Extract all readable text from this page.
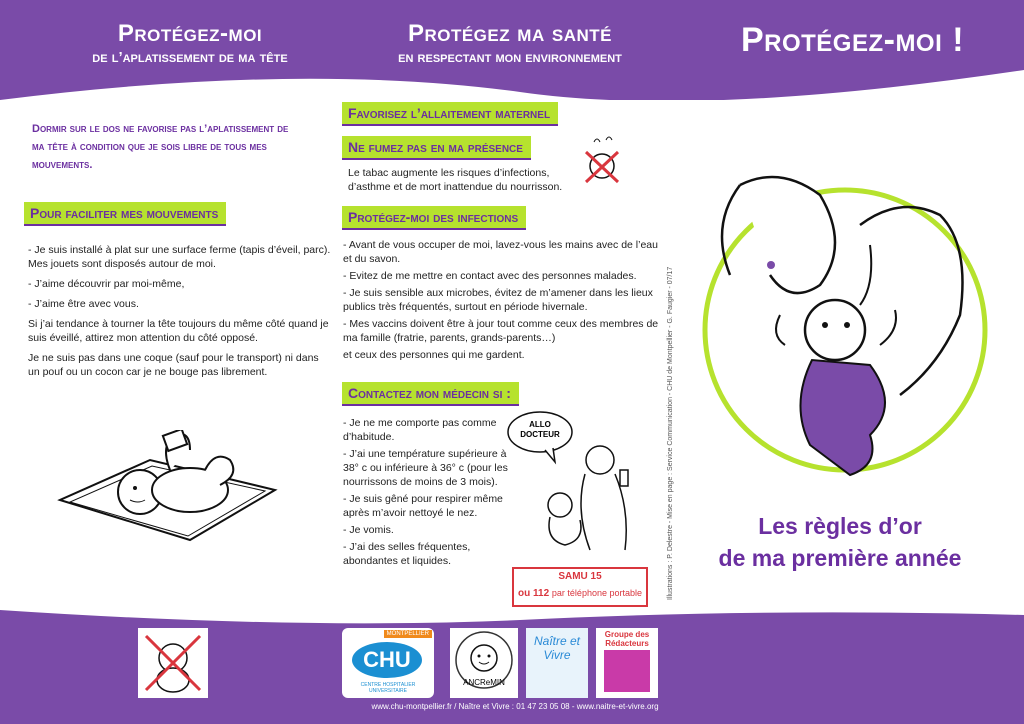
Protégez-moi
de l’aplatissement de ma tête
Protégez ma santé
en respectant mon environnement	Protégez-moi !
Dormir sur le dos ne favorise pas l’aplatissement de ma tête à condition que je sois libre de tous mes mouvements.
Pour faciliter mes mouvements

- Je suis installé à plat sur une surface ferme (tapis d’éveil, parc). Mes jouets sont disposés autour de moi.

- J’aime découvrir par moi-même,

- J’aime être avec vous.

Si j’ai tendance à tourner la tête toujours du même côté quand je suis éveillé, attirez mon attention du côté opposé.

Je ne suis pas dans une coque (sauf pour le transport) ni dans un pouf ou un cocon car je ne bouge pas librement.

Favorisez l’allaitement maternel
Ne fumez pas en ma présence
Le tabac augmente les risques d’infections, d’asthme et de mort inattendue du nourrisson.
Protégez-moi des infections
- Avant de vous occuper de moi, lavez-vous les mains avec de l’eau et du savon.
- Evitez de me mettre en contact avec des personnes malades.
- Je suis sensible aux microbes, évitez de m’amener dans les lieux publics très fréquentés, surtout en période hivernale.
- Mes vaccins doivent être à jour tout comme ceux des membres de ma famille (fratrie, parents, grands-parents…)
et ceux des personnes qui me gardent.
Contactez mon médecin si :
- Je ne me comporte pas comme d’habitude.
- J’ai une température supérieure à 38° c ou inférieure à 36° c (pour les nourrissons de moins de 3 mois).
- Je suis gêné pour respirer même après m’avoir nettoyé le nez.
- Je vomis.
- J’ai des selles fréquentes, abondantes et liquides.
ALLO DOCTEUR
SAMU 15
ou 112 par téléphone portable	Illustrations : P. Delestre - Mise en page : Service Communication - CHU de Montpellier - G. Faugier - 07/17	Les règles d’or
de ma première année
MONTPELLIER
CHU
CENTRE HOSPITALIER UNIVERSITAIRE
ANCReMIN
Naître et Vivre
Groupe des Rédacteurs
www.chu-montpellier.fr / Naître et Vivre : 01 47 23 05 08 - www.naitre-et-vivre.org
